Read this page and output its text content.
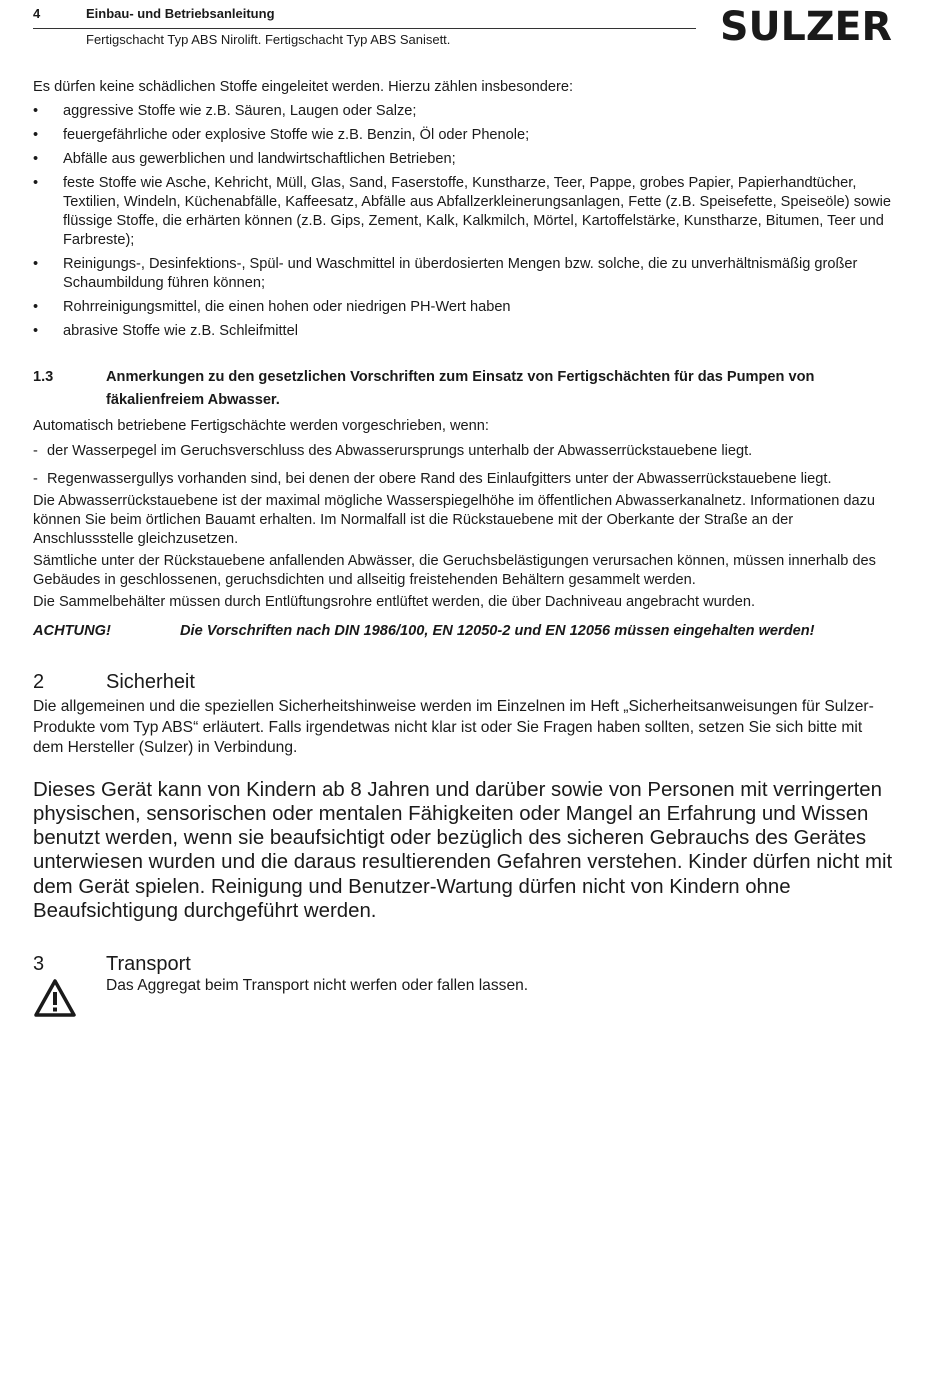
4	Einbau- und Betriebsanleitung
Fertigschacht Typ ABS Nirolift. Fertigschacht Typ ABS Sanisett.	SULZER

Es dürfen keine schädlichen Stoffe eingeleitet werden. Hierzu zählen insbesondere:

• aggressive Stoffe wie z.B. Säuren, Laugen oder Salze;
• feuergefährliche oder explosive Stoffe wie z.B. Benzin, Öl oder Phenole;
• Abfälle aus gewerblichen und landwirtschaftlichen Betrieben;
• feste Stoffe wie Asche, Kehricht, Müll, Glas, Sand, Faserstoffe, Kunstharze, Teer, Pappe, grobes Papier, Papierhandtücher, Textilien, Windeln, Küchenabfälle, Kaffeesatz, Abfälle aus Abfallzerkleinerungsanlagen, Fette (z.B. Speisefette, Speiseöle) sowie flüssige Stoffe, die erhärten können (z.B. Gips, Zement, Kalk, Kalkmilch, Mörtel, Kartoffelstärke, Kunstharze, Bitumen, Teer und Farbreste);
• Reinigungs-, Desinfektions-, Spül- und Waschmittel in überdosierten Mengen bzw. solche, die zu unverhältnismäßig großer Schaumbildung führen können;
• Rohrreinigungsmittel, die einen hohen oder niedrigen PH-Wert haben
• abrasive Stoffe wie z.B. Schleifmittel
1.3	Anmerkungen zu den gesetzlichen Vorschriften zum Einsatz von Fertigschächten für das Pumpen von fäkalienfreiem Abwasser.

Automatisch betriebene Fertigschächte werden vorgeschrieben, wenn:

- der Wasserpegel im Geruchsverschluss des Abwasserursprungs unterhalb der Abwasserrückstauebene liegt.
- Regenwassergullys vorhanden sind, bei denen der obere Rand des Einlaufgitters unter der Abwasserrückstauebene liegt.

Die Abwasserrückstauebene ist der maximal mögliche Wasserspiegelhöhe im öffentlichen Abwasserkanalnetz. Informationen dazu können Sie beim örtlichen Bauamt erhalten. Im Normalfall ist die Rückstauebene mit der Oberkante der Straße an der Anschlussstelle gleichzusetzen.

Sämtliche unter der Rückstauebene anfallenden Abwässer, die Geruchsbelästigungen verursachen können, müssen innerhalb des Gebäudes in geschlossenen, geruchsdichten und allseitig freistehenden Behältern gesammelt werden.

Die Sammelbehälter müssen durch Entlüftungsrohre entlüftet werden, die über Dachniveau angebracht wurden.

ACHTUNG!	Die Vorschriften nach DIN 1986/100, EN 12050-2 und EN 12056 müssen eingehalten werden!
2	Sicherheit

Die allgemeinen und die speziellen Sicherheitshinweise werden im Einzelnen im Heft „Sicherheitsanweisungen für Sulzer-Produkte vom Typ ABS“ erläutert. Falls irgendetwas nicht klar ist oder Sie Fragen haben sollten, setzen Sie sich bitte mit dem Hersteller (Sulzer) in Verbindung.

Dieses Gerät kann von Kindern ab 8 Jahren und darüber sowie von Personen mit verringerten physischen, sensorischen oder mentalen Fähigkeiten oder Mangel an Erfahrung und Wissen benutzt werden, wenn sie beaufsichtigt oder bezüglich des sicheren Gebrauchs des Gerätes unterwiesen wurden und die daraus resultierenden Gefahren verstehen. Kinder dürfen nicht mit dem Gerät spielen. Reinigung und Benutzer-Wartung dürfen nicht von Kindern ohne Beaufsichtigung durchgeführt werden.

3	Transport
Das Aggregat beim Transport nicht werfen oder fallen lassen.
